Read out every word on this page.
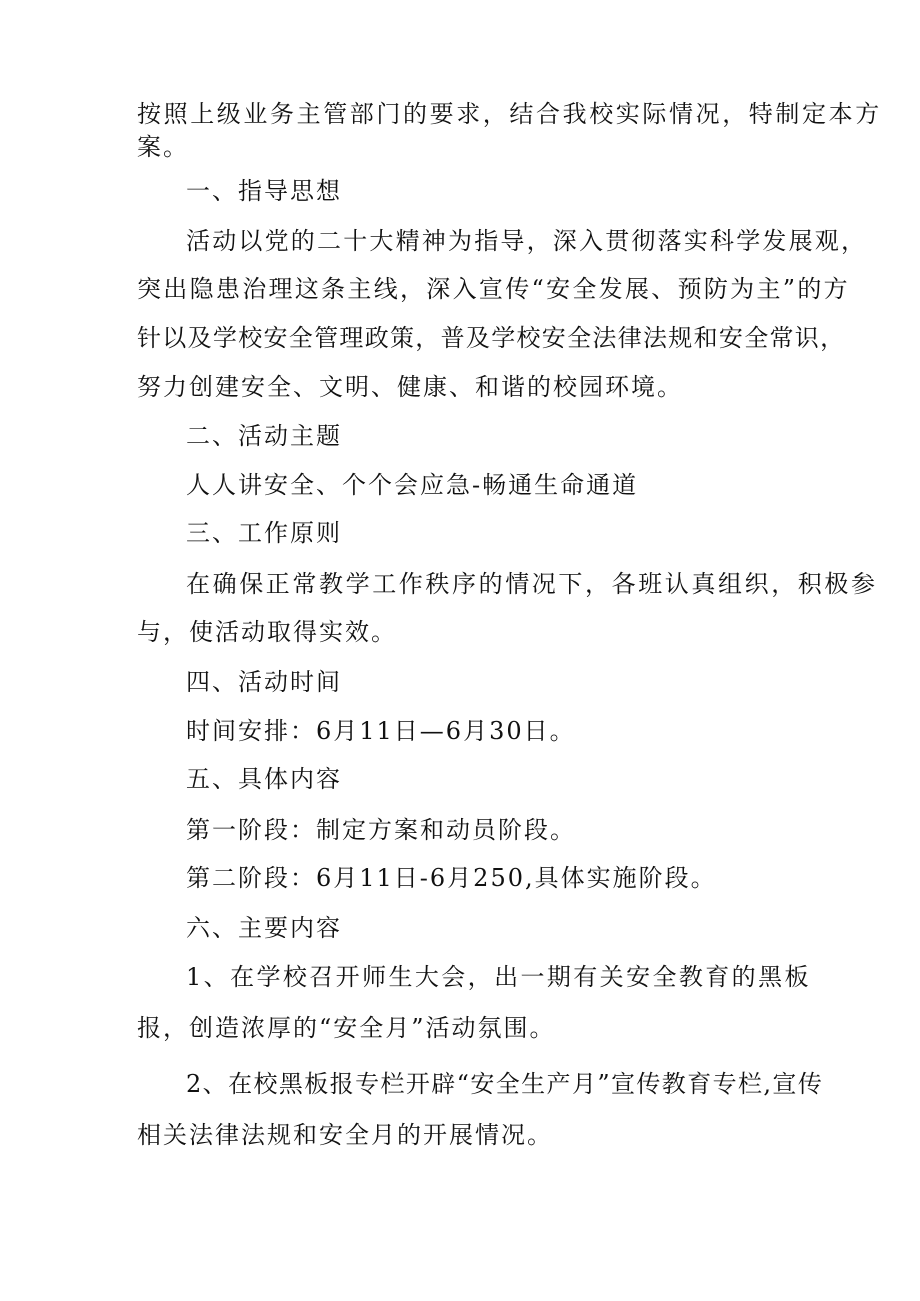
按照上级业务主管部门的要求，结合我校实际情况，特制定本方
案。
一、指导思想
活动以党的二十大精神为指导，深入贯彻落实科学发展观，
突出隐患治理这条主线，深入宣传“安全发展、预防为主”的方
针以及学校安全管理政策，普及学校安全法律法规和安全常识，
努力创建安全、文明、健康、和谐的校园环境。
二、活动主题
人人讲安全、个个会应急-畅通生命通道
三、工作原则
在确保正常教学工作秩序的情况下，各班认真组织，积极参
与，使活动取得实效。
四、活动时间
时间安排：6月11日—6月30日。
五、具体内容
第一阶段：制定方案和动员阶段。
第二阶段：6月11日-6月250,具体实施阶段。
六、主要内容
1、在学校召开师生大会，出一期有关安全教育的黑板
报，创造浓厚的“安全月”活动氛围。
2、在校黑板报专栏开辟“安全生产月”宣传教育专栏,宣传
相关法律法规和安全月的开展情况。
